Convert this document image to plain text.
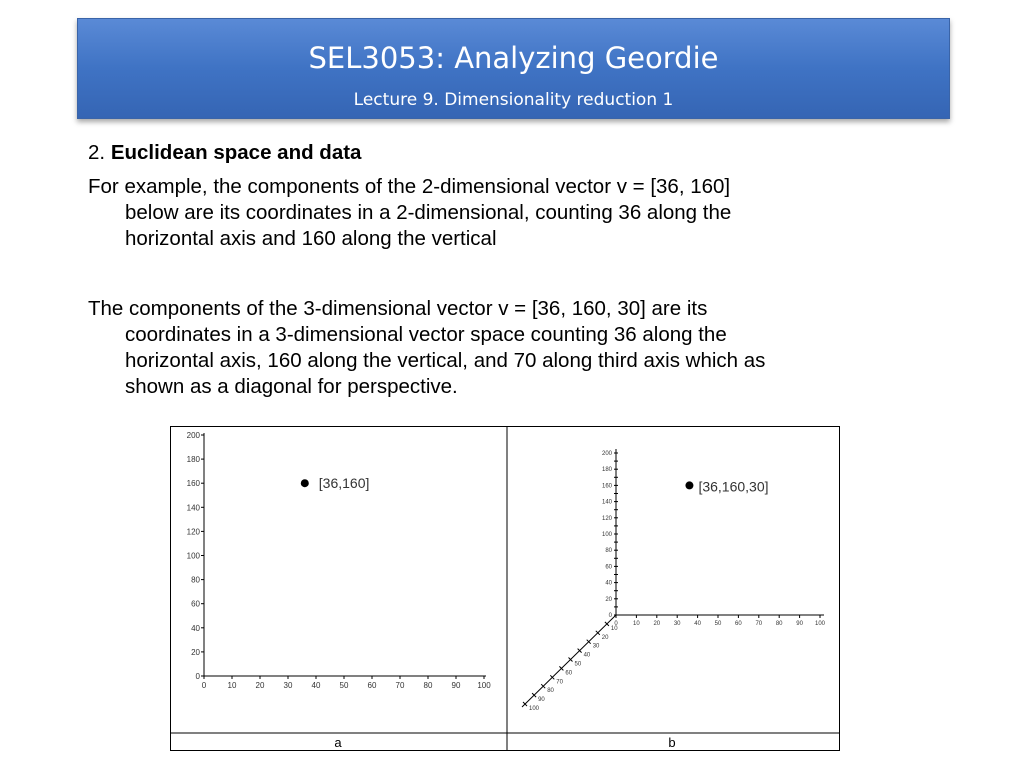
SEL3053: Analyzing Geordie
Lecture 9. Dimensionality reduction 1
2. Euclidean space and data
For example, the components of the 2-dimensional vector v = [36, 160]
below are its coordinates in a 2-dimensional, counting 36 along the
horizontal axis and 160 along the vertical
The components of the 3-dimensional vector v = [36, 160, 30] are its
coordinates in a 3-dimensional vector space counting 36 along the
horizontal axis, 160 along the vertical, and 70 along third axis which as
shown as a diagonal for perspective.
0	10 20 30 40 50 60 70 80 90 100
0
20
40
60
80
100
120
140
160
180
200
[36,160]
0	10 20 30 40 50 60 70 80 90 100
0
20
40
60
80
100
120
140
160
180
200
10
20
30
40
50
60
70
80
90
100
[36,160,30]
a	b
